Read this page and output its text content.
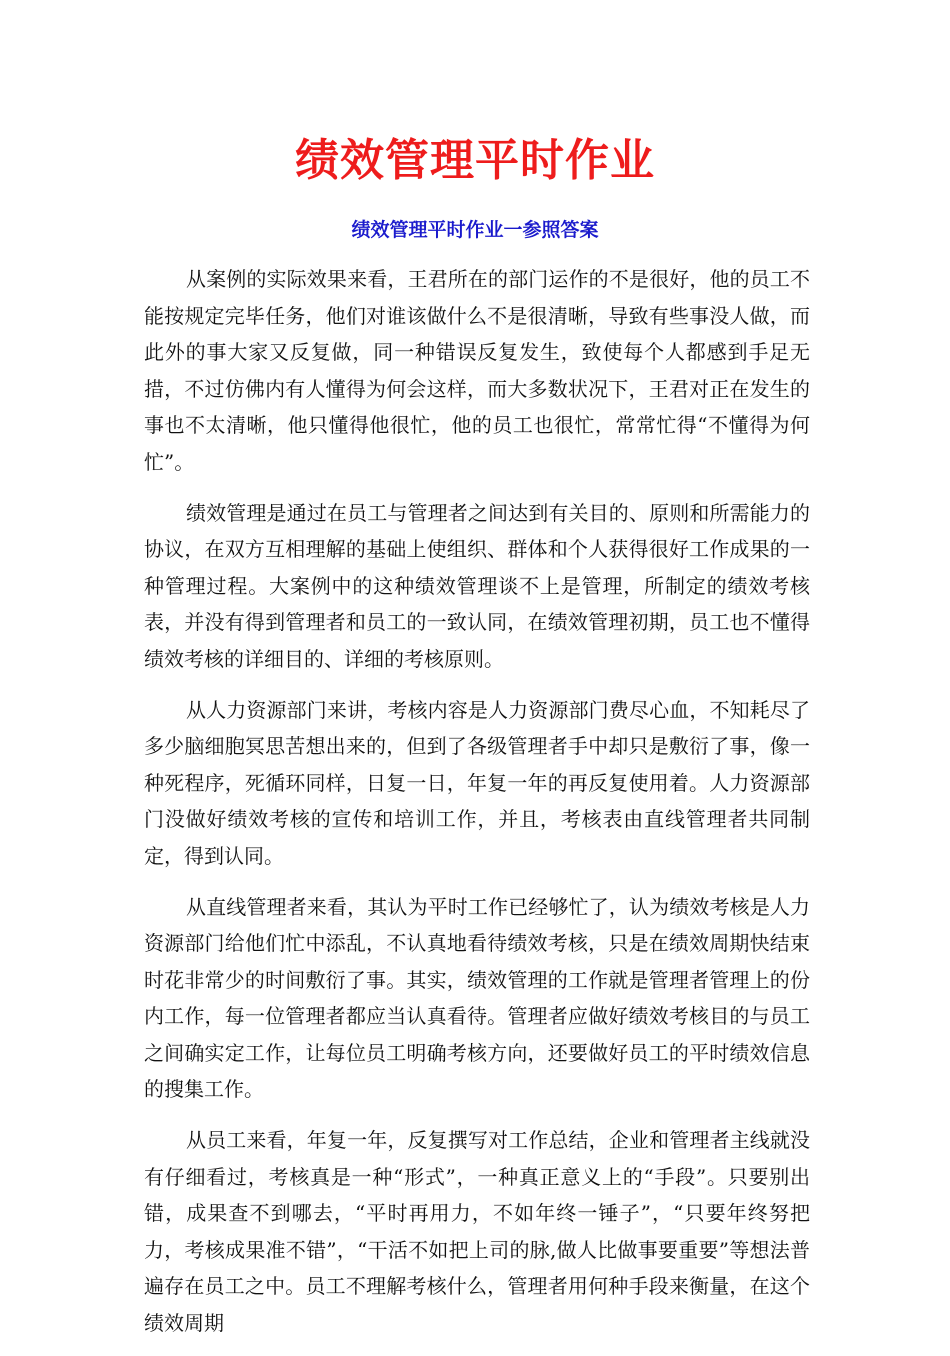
绩效管理平时作业
绩效管理平时作业一参照答案

从案例的实际效果来看，王君所在的部门运作的不是很好，他的员工不能按规定完毕任务，他们对谁该做什么不是很清晰，导致有些事没人做，而此外的事大家又反复做，同一种错误反复发生，致使每个人都感到手足无措，不过仿佛内有人懂得为何会这样，而大多数状况下，王君对正在发生的事也不太清晰，他只懂得他很忙，他的员工也很忙，常常忙得“不懂得为何忙”。

绩效管理是通过在员工与管理者之间达到有关目的、原则和所需能力的协议，在双方互相理解的基础上使组织、群体和个人获得很好工作成果的一种管理过程。大案例中的这种绩效管理谈不上是管理，所制定的绩效考核表，并没有得到管理者和员工的一致认同，在绩效管理初期，员工也不懂得绩效考核的详细目的、详细的考核原则。

从人力资源部门来讲，考核内容是人力资源部门费尽心血，不知耗尽了多少脑细胞冥思苦想出来的，但到了各级管理者手中却只是敷衍了事，像一种死程序，死循环同样，日复一日，年复一年的再反复使用着。人力资源部门没做好绩效考核的宣传和培训工作，并且，考核表由直线管理者共同制定，得到认同。

从直线管理者来看，其认为平时工作已经够忙了，认为绩效考核是人力资源部门给他们忙中添乱，不认真地看待绩效考核，只是在绩效周期快结束时花非常少的时间敷衍了事。其实，绩效管理的工作就是管理者管理上的份内工作，每一位管理者都应当认真看待。管理者应做好绩效考核目的与员工之间确实定工作，让每位员工明确考核方向，还要做好员工的平时绩效信息的搜集工作。

从员工来看，年复一年，反复撰写对工作总结，企业和管理者主线就没有仔细看过，考核真是一种“形式”，一种真正意义上的“手段”。只要别出错，成果查不到哪去，“平时再用力，不如年终一锤子”，“只要年终努把力，考核成果准不错”，“干活不如把上司的脉,做人比做事要重要”等想法普遍存在员工之中。员工不理解考核什么，管理者用何种手段来衡量，在这个绩效周期
